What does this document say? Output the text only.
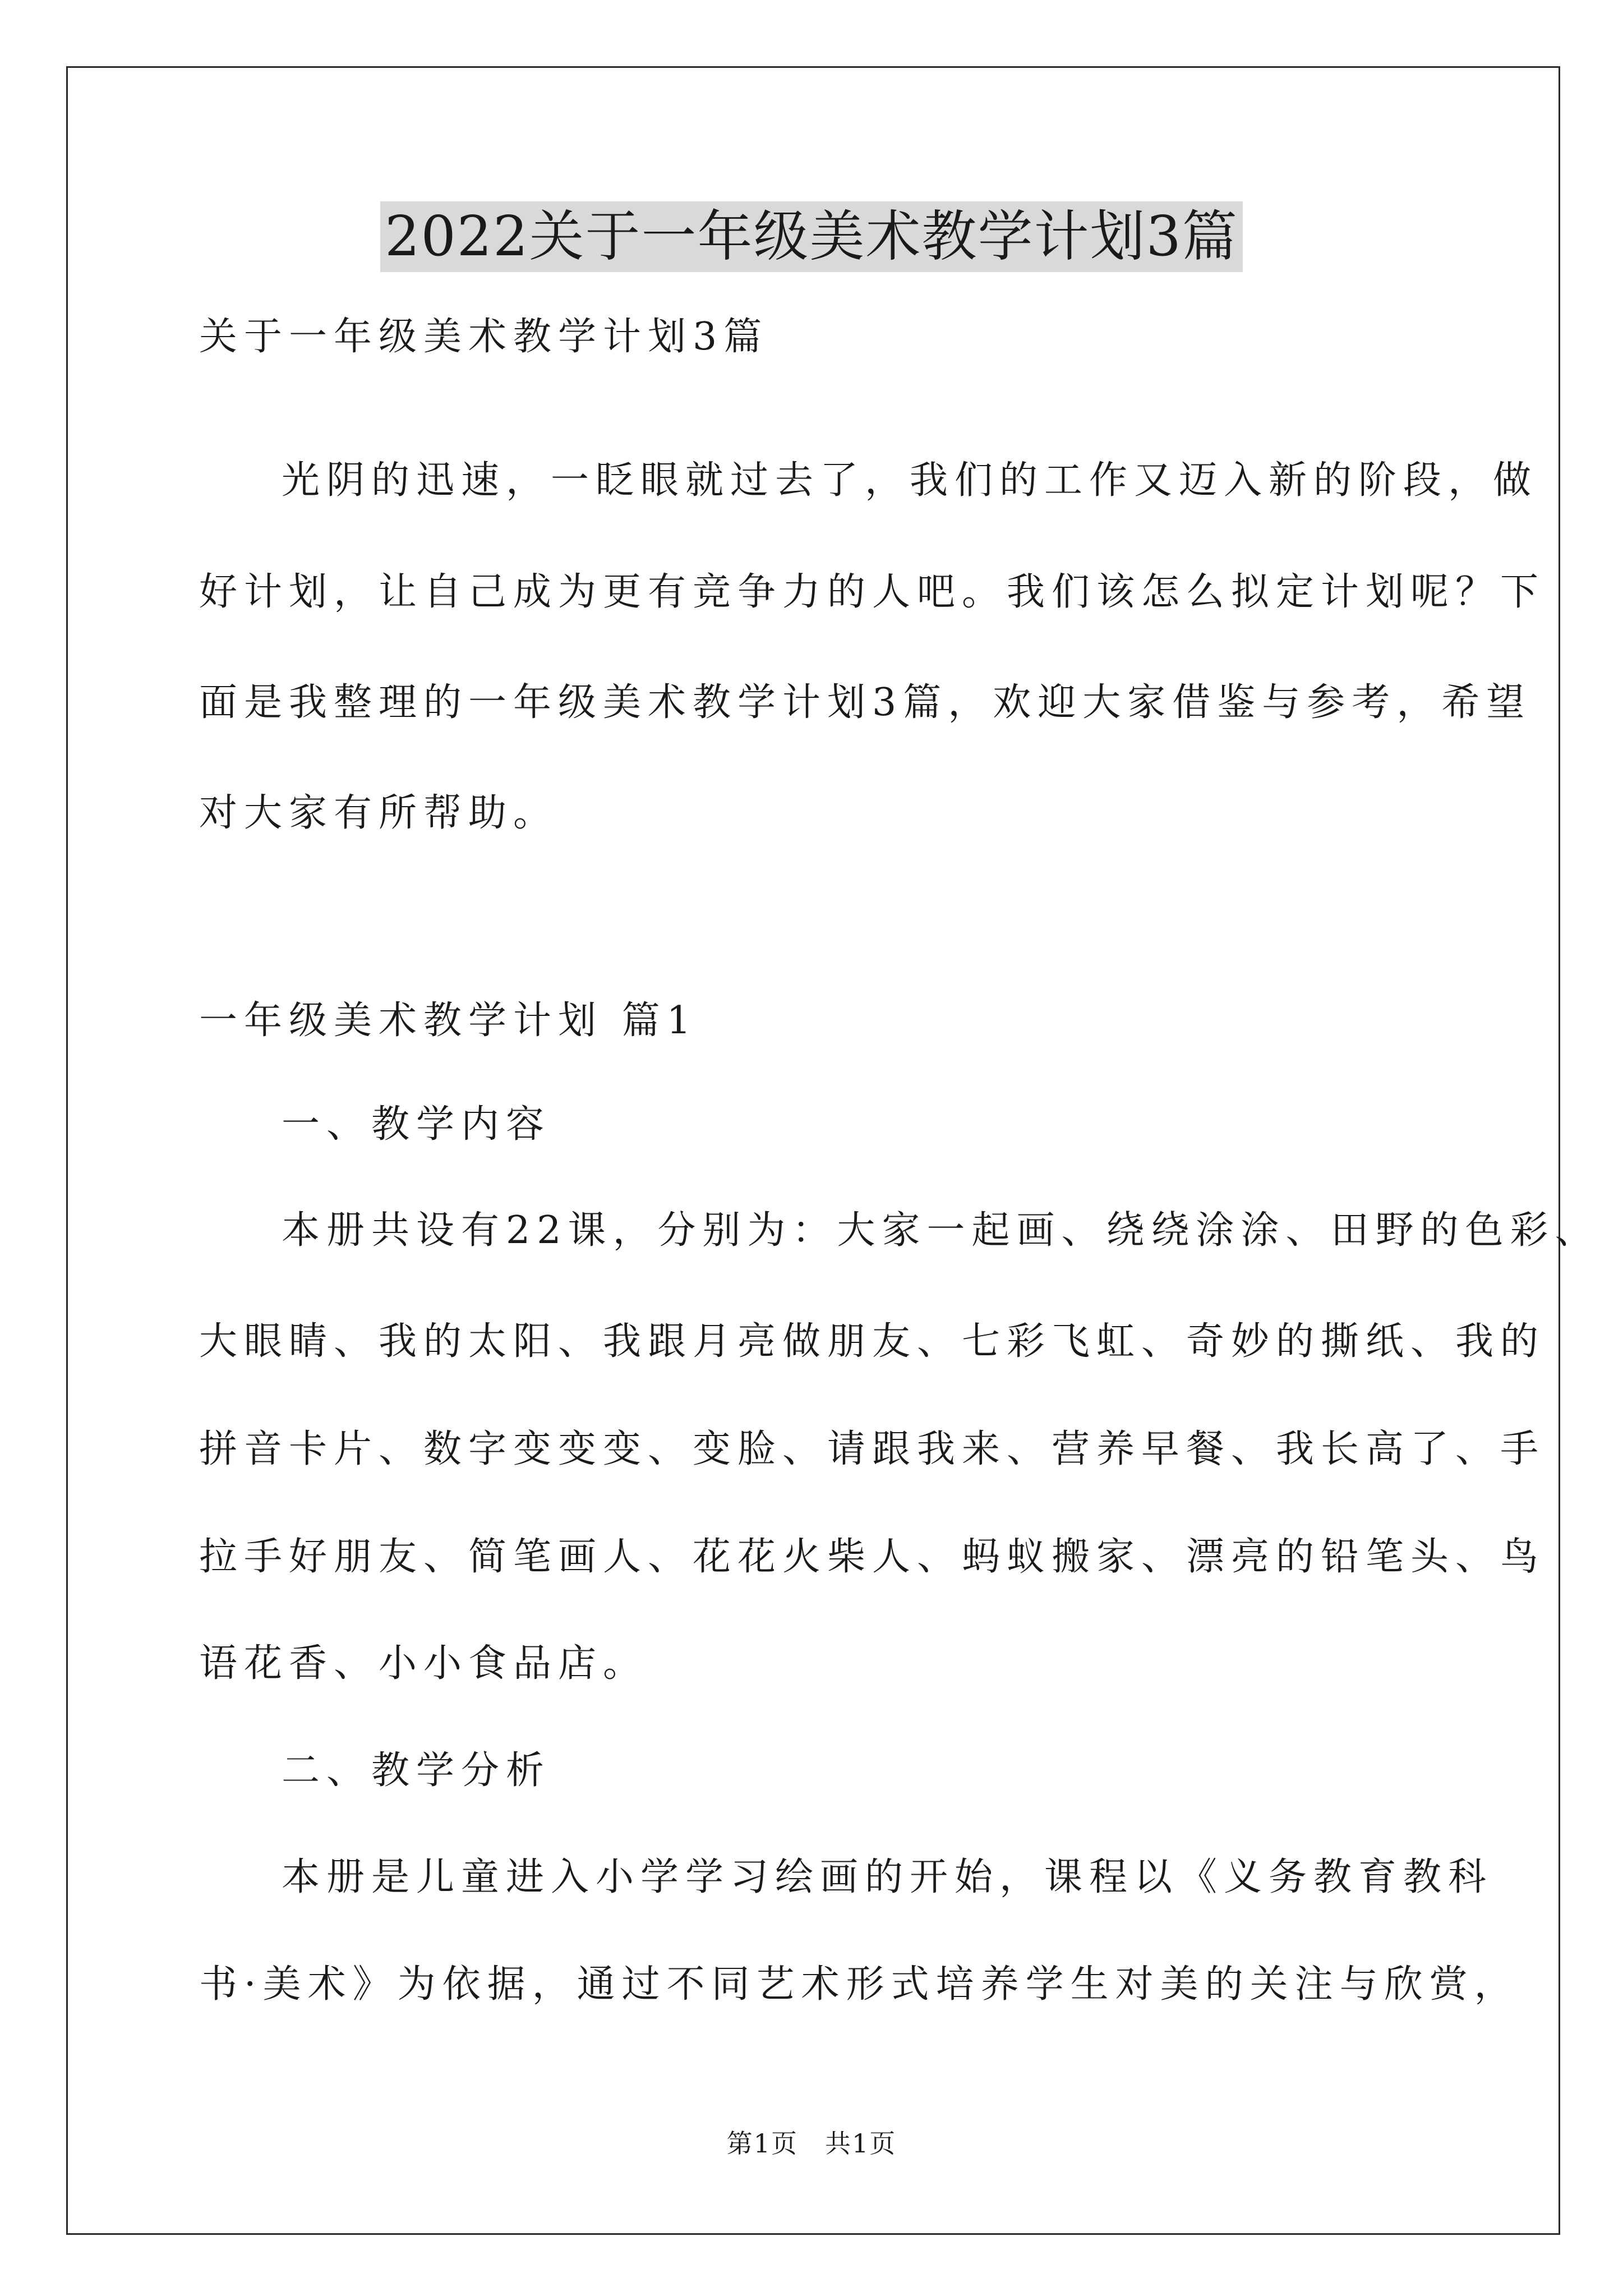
2022关于一年级美术教学计划3篇
关于一年级美术教学计划3篇
光阴的迅速，一眨眼就过去了，我们的工作又迈入新的阶段，做
好计划，让自己成为更有竞争力的人吧。我们该怎么拟定计划呢？下
面是我整理的一年级美术教学计划3篇，欢迎大家借鉴与参考，希望
对大家有所帮助。
一年级美术教学计划 篇1
一、教学内容
本册共设有22课，分别为：大家一起画、绕绕涂涂、田野的色彩、
大眼睛、我的太阳、我跟月亮做朋友、七彩飞虹、奇妙的撕纸、我的
拼音卡片、数字变变变、变脸、请跟我来、营养早餐、我长高了、手
拉手好朋友、简笔画人、花花火柴人、蚂蚁搬家、漂亮的铅笔头、鸟
语花香、小小食品店。
二、教学分析
本册是儿童进入小学学习绘画的开始，课程以《义务教育教科
书·美术》为依据，通过不同艺术形式培养学生对美的关注与欣赏，
第1页　共1页
